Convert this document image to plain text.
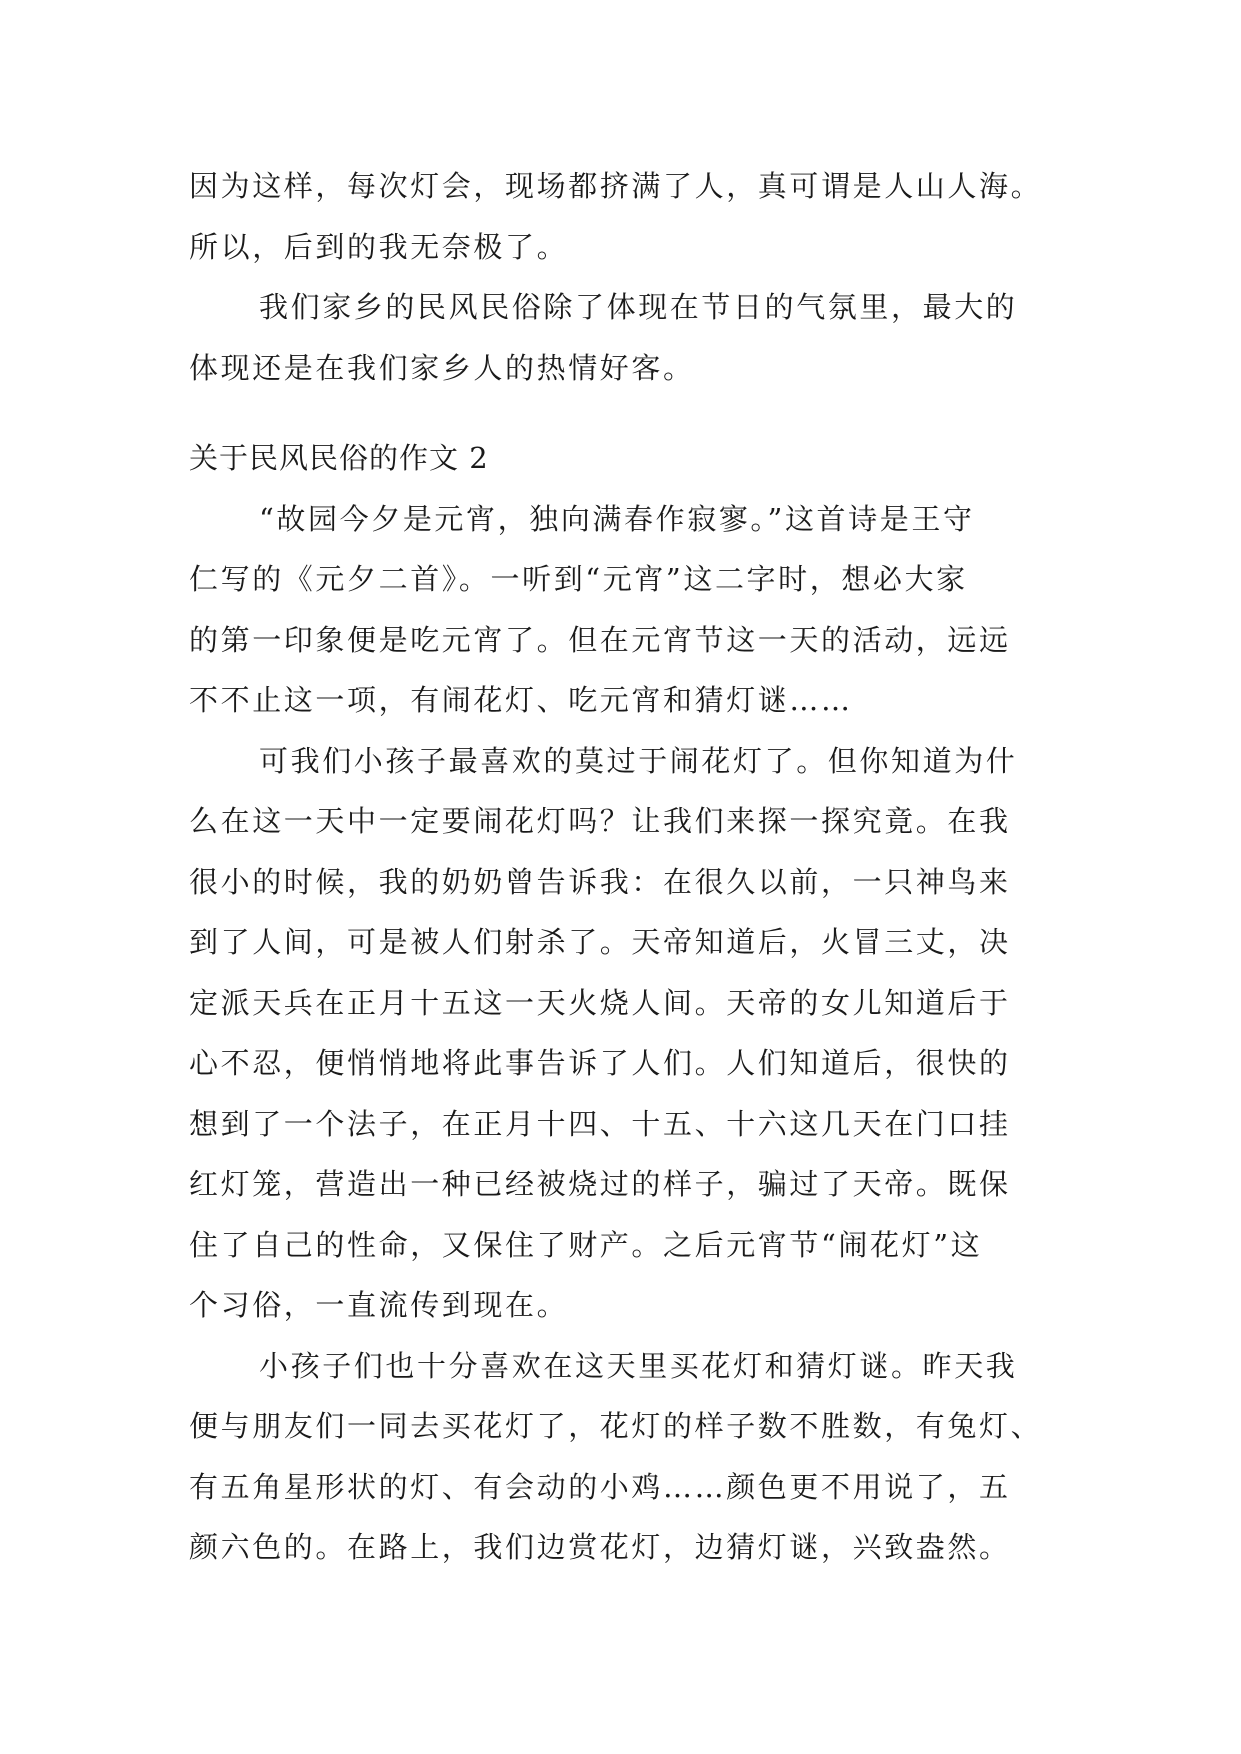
因为这样，每次灯会，现场都挤满了人，真可谓是人山人海。
所以，后到的我无奈极了。
我们家乡的民风民俗除了体现在节日的气氛里，最大的
体现还是在我们家乡人的热情好客。
关于民风民俗的作文 2
“故园今夕是元宵，独向满春作寂寥。”这首诗是王守
仁写的《元夕二首》。一听到“元宵”这二字时，想必大家
的第一印象便是吃元宵了。但在元宵节这一天的活动，远远
不不止这一项，有闹花灯、吃元宵和猜灯谜……
可我们小孩子最喜欢的莫过于闹花灯了。但你知道为什
么在这一天中一定要闹花灯吗？让我们来探一探究竟。在我
很小的时候，我的奶奶曾告诉我：在很久以前，一只神鸟来
到了人间，可是被人们射杀了。天帝知道后，火冒三丈，决
定派天兵在正月十五这一天火烧人间。天帝的女儿知道后于
心不忍，便悄悄地将此事告诉了人们。人们知道后，很快的
想到了一个法子，在正月十四、十五、十六这几天在门口挂
红灯笼，营造出一种已经被烧过的样子，骗过了天帝。既保
住了自己的性命，又保住了财产。之后元宵节“闹花灯”这
个习俗，一直流传到现在。
小孩子们也十分喜欢在这天里买花灯和猜灯谜。昨天我
便与朋友们一同去买花灯了，花灯的样子数不胜数，有兔灯、
有五角星形状的灯、有会动的小鸡……颜色更不用说了，五
颜六色的。在路上，我们边赏花灯，边猜灯谜，兴致盎然。
